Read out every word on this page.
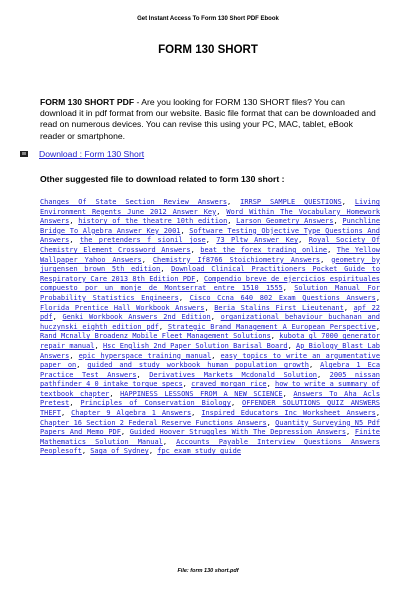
Get Instant Access To Form 130 Short PDF Ebook
FORM 130 SHORT
FORM 130 SHORT PDF - Are you looking for FORM 130 SHORT files? You can download it in pdf format from our website. Basic file format that can be downloaded and read on numerous devices. You can revise this using your PC, MAC, tablet, eBook reader or smartphone.
Download : Form 130 Short
Other suggested file to download related to form 130 short :
Changes Of State Section Review Answers, IRRSP SAMPLE QUESTIONS, Living Environment Regents June 2012 Answer Key, Word Within The Vocabulary Homework Answers, history of the theatre 10th edition, Larson Geometry Answers, Punchline Bridge To Algebra Answer Key 2001, Software Testing Objective Type Questions And Answers, the pretenders f sionil jose, 73 Pltw Answer Key, Royal Society Of Chemistry Element Crossword Answers, beat the forex trading online, The Yellow Wallpaper Yahoo Answers, Chemistry If8766 Stoichiometry Answers, geometry by jurgensen brown 5th edition, Download Clinical Practitioners Pocket Guide to Respiratory Care 2013 8th Edition PDF, Compendio breve de ejercicios espirituales compuesto por un monje de Montserrat entre 1510 1555, Solution Manual For Probability Statistics Engineers, Cisco Ccna 640 802 Exam Questions Answers, Florida Prentice Hall Workbook Answers, Beria Stalins First Lieutenant, apf 22 pdf, Genki Workbook Answers 2nd Edition, organizational behaviour buchanan and huczynski eighth edition pdf, Strategic Brand Management A European Perspective, Rand Mcnally Broadenz Mobile Fleet Management Solutions, kubota gl 7000 generator repair manual, Hsc English 2nd Paper Solution Barisal Board, Ap Biology Blast Lab Answers, epic hyperspace training manual, easy topics to write an argumentative paper on, guided and study workbook human population growth, Algebra 1 Eca Practice Test Answers, Derivatives Markets Mcdonald Solution, 2005 nissan pathfinder 4 0 intake torque specs, craved morgan rice, how to write a summary of textbook chapter, HAPPINESS LESSONS FROM A NEW SCIENCE, Answers To Aha Acls Pretest, Principles of Conservation Biology, OFFENDER SOLUTIONS QUIZ ANSWERS THEFT, Chapter 9 Algebra 1 Answers, Inspired Educators Inc Worksheet Answers, Chapter 16 Section 2 Federal Reserve Functions Answers, Quantity Surveying N5 Pdf Papers And Memo PDF, Guided Hoover Struggles With The Depression Answers, Finite Mathematics Solution Manual, Accounts Payable Interview Questions Answers Peoplesoft, Saga of Sydney, fpc exam study guide
File: form 130 short.pdf
